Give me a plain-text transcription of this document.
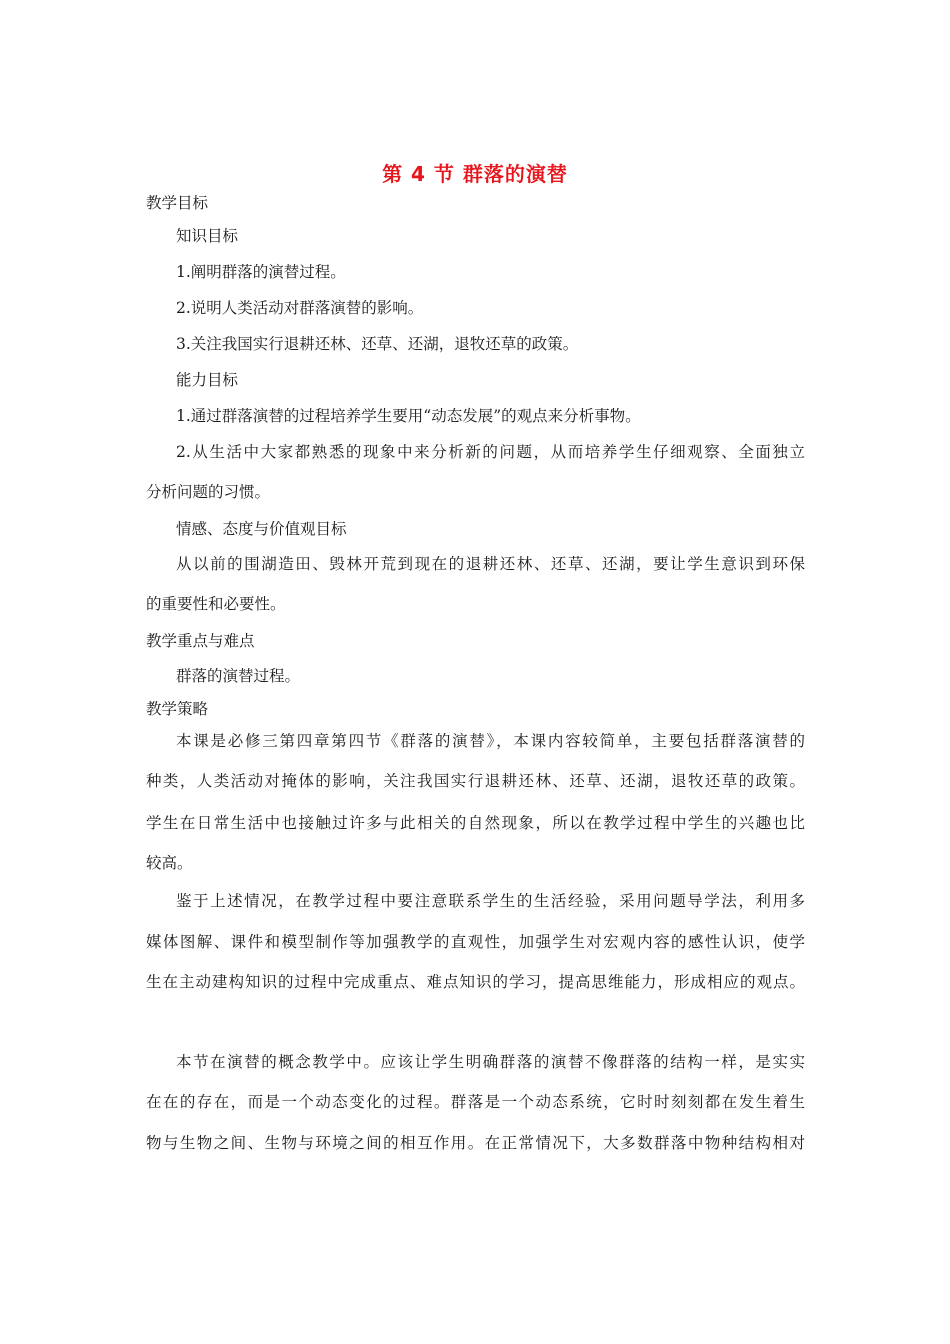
第 4 节 群落的演替
教学目标
知识目标
1.阐明群落的演替过程。
2.说明人类活动对群落演替的影响。
3.关注我国实行退耕还林、还草、还湖，退牧还草的政策。
能力目标
1.通过群落演替的过程培养学生要用“动态发展”的观点来分析事物。
2.从生活中大家都熟悉的现象中来分析新的问题，从而培养学生仔细观察、全面独立
分析问题的习惯。
情感、态度与价值观目标
从以前的围湖造田、毁林开荒到现在的退耕还林、还草、还湖，要让学生意识到环保
的重要性和必要性。
教学重点与难点
群落的演替过程。
教学策略
本课是必修三第四章第四节《群落的演替》，本课内容较简单，主要包括群落演替的
种类，人类活动对掩体的影响，关注我国实行退耕还林、还草、还湖，退牧还草的政策。
学生在日常生活中也接触过许多与此相关的自然现象，所以在教学过程中学生的兴趣也比
较高。
鉴于上述情况，在教学过程中要注意联系学生的生活经验，采用问题导学法，利用多
媒体图解、课件和模型制作等加强教学的直观性，加强学生对宏观内容的感性认识，使学
生在主动建构知识的过程中完成重点、难点知识的学习，提高思维能力，形成相应的观点。
本节在演替的概念教学中。应该让学生明确群落的演替不像群落的结构一样，是实实
在在的存在，而是一个动态变化的过程。群落是一个动态系统，它时时刻刻都在发生着生
物与生物之间、生物与环境之间的相互作用。在正常情况下，大多数群落中物种结构相对
